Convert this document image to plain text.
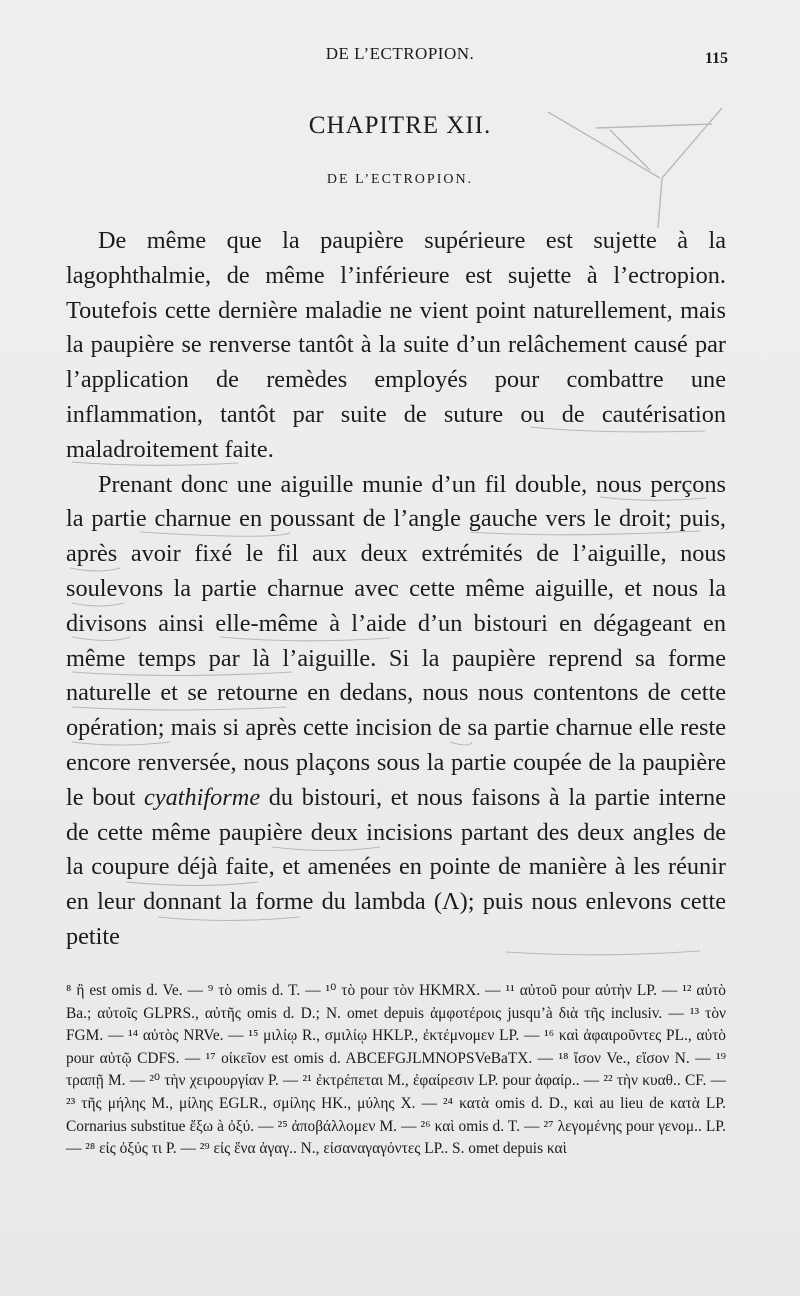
DE L’ECTROPION.	115
CHAPITRE XII.
DE L’ECTROPION.

De même que la paupière supérieure est sujette à la lagophthalmie, de même l’inférieure est sujette à l’ectropion. Toutefois cette dernière maladie ne vient point naturellement, mais la paupière se renverse tantôt à la suite d’un relâchement causé par l’application de remèdes employés pour combattre une inflammation, tantôt par suite de suture ou de cautérisation maladroitement faite.

Prenant donc une aiguille munie d’un fil double, nous perçons la partie charnue en poussant de l’angle gauche vers le droit; puis, après avoir fixé le fil aux deux extrémités de l’aiguille, nous soulevons la partie charnue avec cette même aiguille, et nous la divisons ainsi elle-même à l’aide d’un bistouri en dégageant en même temps par là l’aiguille. Si la paupière reprend sa forme naturelle et se retourne en dedans, nous nous contentons de cette opération; mais si après cette incision de sa partie charnue elle reste encore renversée, nous plaçons sous la partie coupée de la paupière le bout cyathiforme du bistouri, et nous faisons à la partie interne de cette même paupière deux incisions partant des deux angles de la coupure déjà faite, et amenées en pointe de manière à les réunir en leur donnant la forme du lambda (Λ); puis nous enlevons cette petite

⁸ ἢ est omis d. Ve. — ⁹ τὸ omis d. T. — ¹⁰ τὸ pour τὸν HKMRX. — ¹¹ αὐτοῦ pour αὐτὴν LP. — ¹² αὐτὸ Ba.; αὐτοῖς GLPRS., αὐτῆς omis d. D.; N. omet depuis ἀμφοτέροις jusqu’à διὰ τῆς inclusiv. — ¹³ τὸν FGM. — ¹⁴ αὐτὸς NRVe. — ¹⁵ μιλίῳ R., σμιλίῳ HKLP., ἐκτέμνομεν LP. — ¹⁶ καὶ ἀφαιροῦντες PL., αὐτὸ pour αὐτῷ CDFS. — ¹⁷ οἰκεῖον est omis d. ABCEFGJLMNOPSVeBaTX. — ¹⁸ ἴσον Ve., εἴσον N. — ¹⁹ τραπῇ M. — ²⁰ τὴν χειρουργίαν P. — ²¹ ἐκτρέπεται M., ἐφαίρεσιν LP. pour ἀφαίρ.. — ²² τὴν κυαθ.. CF. — ²³ τῆς μήλης M., μίλης EGLR., σμίλης HK., μύλης X. — ²⁴ κατὰ omis d. D., καὶ au lieu de κατὰ LP. Cornarius substitue ἔξω à ὀξύ. — ²⁵ ἀποβάλλομεν M. — ²⁶ καὶ omis d. T. — ²⁷ λεγομένης pour γενομ.. LP. — ²⁸ εἰς ὀξύς τι P. — ²⁹ εἰς ἕνα ἀγαγ.. N., εἰσαναγαγόντες LP.. S. omet depuis καὶ
